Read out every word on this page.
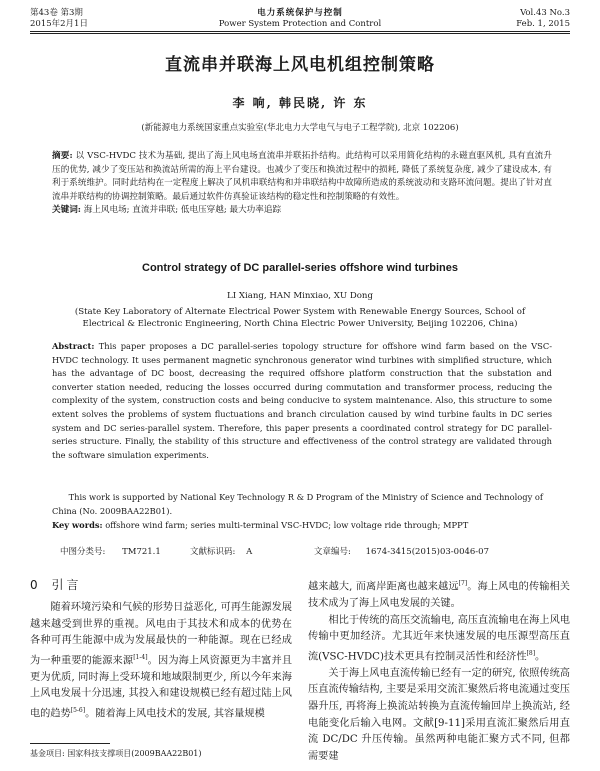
第43卷 第3期	电力系统保护与控制	Vol.43 No.3
2015年2月1日	Power System Protection and Control	Feb. 1, 2015
直流串并联海上风电机组控制策略
李 响, 韩民晓, 许 东
(新能源电力系统国家重点实验室(华北电力大学电气与电子工程学院), 北京 102206)
摘要: 以 VSC-HVDC 技术为基础, 提出了海上风电场直流串并联拓扑结构。此结构可以采用简化结构的永磁直驱风机, 具有直流升压的优势, 减少了变压站和换流站所需的海上平台建设。也减少了变压和换流过程中的损耗, 降低了系统复杂度, 减少了建设成本, 有利于系统维护。同时此结构在一定程度上解决了风机串联结构和并串联结构中故障所造成的系统波动和支路环流问题。提出了针对直流串并联结构的协调控制策略。最后通过软件仿真验证该结构的稳定性和控制策略的有效性。
关键词: 海上风电场; 直流并串联; 低电压穿越; 最大功率追踪
Control strategy of DC parallel-series offshore wind turbines
LI Xiang, HAN Minxiao, XU Dong
(State Key Laboratory of Alternate Electrical Power System with Renewable Energy Sources, School of Electrical & Electronic Engineering, North China Electric Power University, Beijing 102206, China)
Abstract: This paper proposes a DC parallel-series topology structure for offshore wind farm based on the VSC-HVDC technology. It uses permanent magnetic synchronous generator wind turbines with simplified structure, which has the advantage of DC boost, decreasing the required offshore platform construction that the substation and converter station needed, reducing the losses occurred during commutation and transformer process, reducing the complexity of the system, construction costs and being conducive to system maintenance. Also, this structure to some extent solves the problems of system fluctuations and branch circulation caused by wind turbine faults in DC series system and DC series-parallel system. Therefore, this paper presents a coordinated control strategy for DC parallel-series structure. Finally, the stability of this structure and effectiveness of the control strategy are validated through the software simulation experiments.
This work is supported by National Key Technology R & D Program of the Ministry of Science and Technology of China (No. 2009BAA22B01).
Key words: offshore wind farm; series multi-terminal VSC-HVDC; low voltage ride through; MPPT
中图分类号: TM721.1	文献标识码: A	文章编号: 1674-3415(2015)03-0046-07
0 引言

随着环境污染和气候的形势日益恶化, 可再生能源发展越来越受到世界的重视。风电由于其技术和成本的优势在各种可再生能源中成为发展最快的一种能源。现在已经成为一种重要的能源来源[1-4]。因为海上风资源更为丰富并且更为优质, 同时海上受环境和地域限制更少, 所以今年来海上风电发展十分迅速, 其投入和建设规模已经有超过陆上风电的趋势[5-6]。随着海上风电技术的发展, 其容量规模

越来越大, 而离岸距离也越来越远[7]。海上风电的传输相关技术成为了海上风电发展的关键。

相比于传统的高压交流输电, 高压直流输电在海上风电传输中更加经济。尤其近年来快速发展的电压源型高压直流(VSC-HVDC)技术更具有控制灵活性和经济性[8]。

关于海上风电直流传输已经有一定的研究, 依照传统高压直流传输结构, 主要是采用交流汇聚然后将电流通过变压器升压, 再将海上换流站转换为直流传输回岸上换流站, 经电能变化后输入电网。文献[9-11]采用直流汇聚然后用直流 DC/DC 升压传输。虽然两种电能汇聚方式不同, 但都需要建

基金项目: 国家科技支撑项目(2009BAA22B01)
